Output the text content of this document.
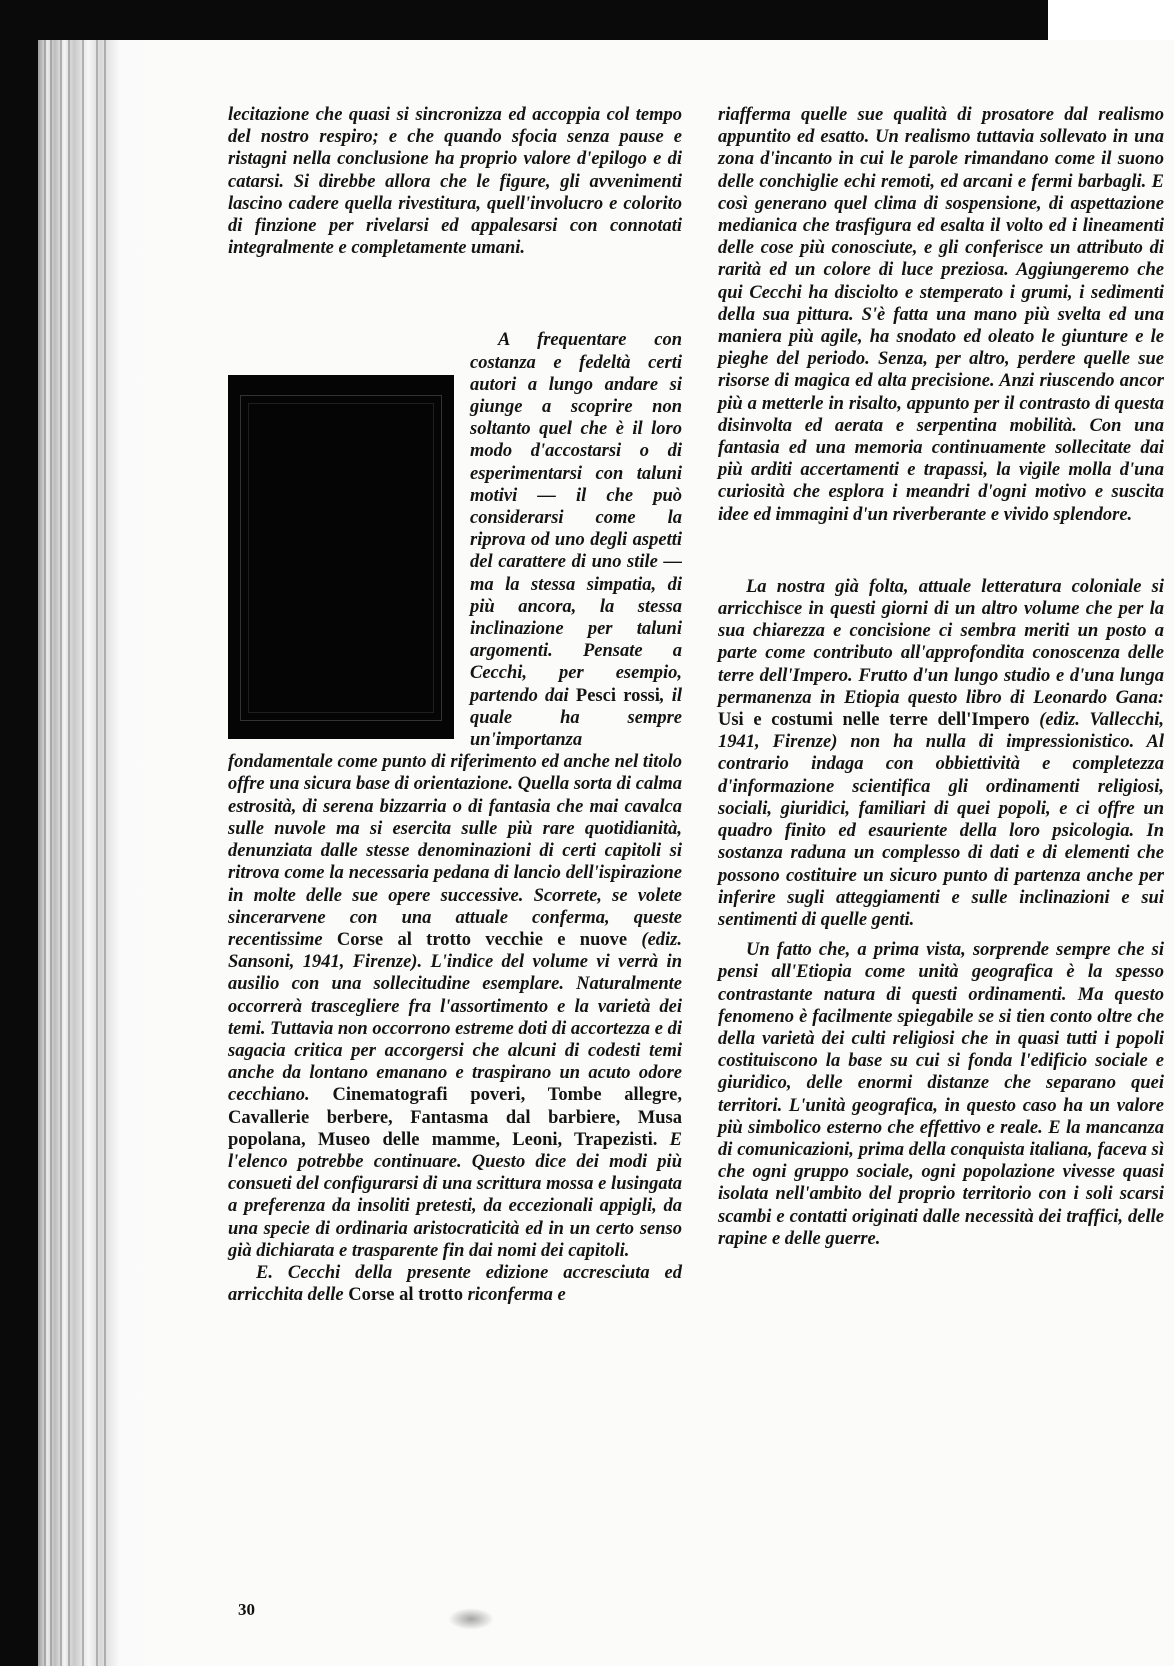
lecitazione che quasi si sincronizza ed accoppia col tempo del nostro respiro; e che quando sfocia senza pause e ristagni nella conclusione ha proprio valore d'epilogo e di catarsi. Si direbbe allora che le figure, gli avvenimenti lascino cadere quella rivestitura, quell'involucro e colorito di finzione per rivelarsi ed appalesarsi con connotati integralmente e completamente umani.

A frequentare con costanza e fedeltà certi autori a lungo andare si giunge a scoprire non soltanto quel che è il loro modo d'accostarsi o di esperimentarsi con taluni motivi — il che può considerarsi come la riprova od uno degli aspetti del carattere di uno stile — ma la stessa simpatia, di più ancora, la stessa inclinazione per taluni argomenti. Pensate a Cecchi, per esempio, partendo dai Pesci rossi, il quale ha sempre un'importanza fondamentale come punto di riferimento ed anche nel titolo offre una sicura base di orientazione. Quella sorta di calma estrosità, di serena bizzarria o di fantasia che mai cavalca sulle nuvole ma si esercita sulle più rare quotidianità, denunziata dalle stesse denominazioni di certi capitoli si ritrova come la necessaria pedana di lancio dell'ispirazione in molte delle sue opere successive. Scorrete, se volete sincerarvene con una attuale conferma, queste recentissime Corse al trotto vecchie e nuove (ediz. Sansoni, 1941, Firenze). L'indice del volume vi verrà in ausilio con una sollecitudine esemplare. Naturalmente occorrerà trascegliere fra l'assortimento e la varietà dei temi. Tuttavia non occorrono estreme doti di accortezza e di sagacia critica per accorgersi che alcuni di codesti temi anche da lontano emanano e traspirano un acuto odore cecchiano. Cinematografi poveri, Tombe allegre, Cavallerie berbere, Fantasma dal barbiere, Musa popolana, Museo delle mamme, Leoni, Trapezisti. E l'elenco potrebbe continuare. Questo dice dei modi più consueti del configurarsi di una scrittura mossa e lusingata a preferenza da insoliti pretesti, da eccezionali appigli, da una specie di ordinaria aristocraticità ed in un certo senso già dichiarata e trasparente fin dai nomi dei capitoli.

E. Cecchi della presente edizione accresciuta ed arricchita delle Corse al trotto riconferma e

riafferma quelle sue qualità di prosatore dal realismo appuntito ed esatto. Un realismo tuttavia sollevato in una zona d'incanto in cui le parole rimandano come il suono delle conchiglie echi remoti, ed arcani e fermi barbagli. E così generano quel clima di sospensione, di aspettazione medianica che trasfigura ed esalta il volto ed i lineamenti delle cose più conosciute, e gli conferisce un attributo di rarità ed un colore di luce preziosa. Aggiungeremo che qui Cecchi ha disciolto e stemperato i grumi, i sedimenti della sua pittura. S'è fatta una mano più svelta ed una maniera più agile, ha snodato ed oleato le giunture e le pieghe del periodo. Senza, per altro, perdere quelle sue risorse di magica ed alta precisione. Anzi riuscendo ancor più a metterle in risalto, appunto per il contrasto di questa disinvolta ed aerata e serpentina mobilità. Con una fantasia ed una memoria continuamente sollecitate dai più arditi accertamenti e trapassi, la vigile molla d'una curiosità che esplora i meandri d'ogni motivo e suscita idee ed immagini d'un riverberante e vivido splendore.

La nostra già folta, attuale letteratura coloniale si arricchisce in questi giorni di un altro volume che per la sua chiarezza e concisione ci sembra meriti un posto a parte come contributo all'approfondita conoscenza delle terre dell'Impero. Frutto d'un lungo studio e d'una lunga permanenza in Etiopia questo libro di Leonardo Gana: Usi e costumi nelle terre dell'Impero (ediz. Vallecchi, 1941, Firenze) non ha nulla di impressionistico. Al contrario indaga con obbiettività e completezza d'informazione scientifica gli ordinamenti religiosi, sociali, giuridici, familiari di quei popoli, e ci offre un quadro finito ed esauriente della loro psicologia. In sostanza raduna un complesso di dati e di elementi che possono costituire un sicuro punto di partenza anche per inferire sugli atteggiamenti e sulle inclinazioni e sui sentimenti di quelle genti.

Un fatto che, a prima vista, sorprende sempre che si pensi all'Etiopia come unità geografica è la spesso contrastante natura di questi ordinamenti. Ma questo fenomeno è facilmente spiegabile se si tien conto oltre che della varietà dei culti religiosi che in quasi tutti i popoli costituiscono la base su cui si fonda l'edificio sociale e giuridico, delle enormi distanze che separano quei territori. L'unità geografica, in questo caso ha un valore più simbolico esterno che effettivo e reale. E la mancanza di comunicazioni, prima della conquista italiana, faceva sì che ogni gruppo sociale, ogni popolazione vivesse quasi isolata nell'ambito del proprio territorio con i soli scarsi scambi e contatti originati dalle necessità dei traffici, delle rapine e delle guerre.

30
